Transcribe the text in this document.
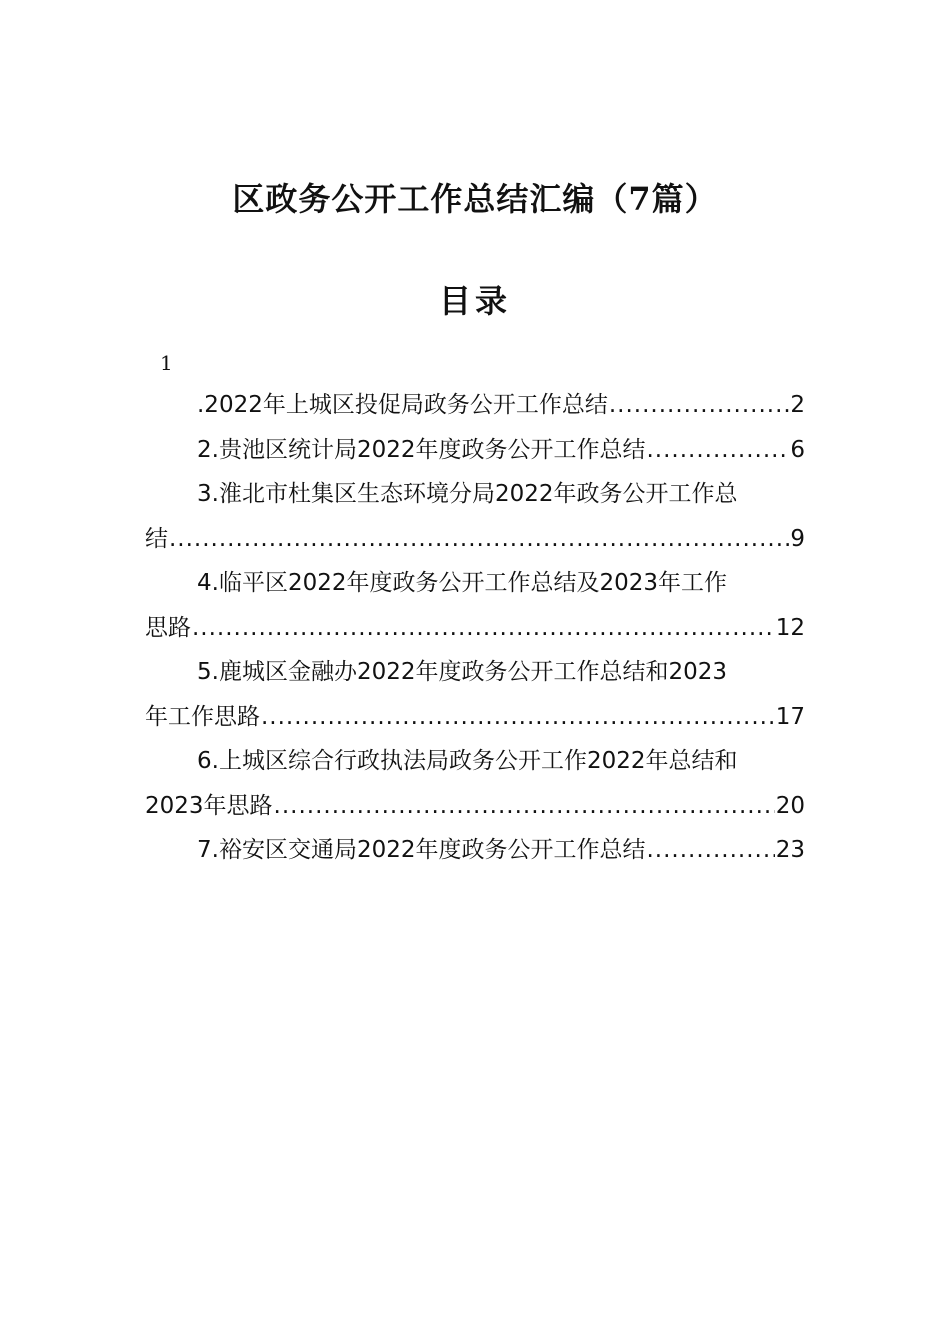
区政务公开工作总结汇编（7篇）
目录
1
.2022年上城区投促局政务公开工作总结 .....	2
2.贵池区统计局2022年度政务公开工作总结 .....	6
3.淮北市杜集区生态环境分局2022年政务公开工作总
结 .....	9
4.临平区2022年度政务公开工作总结及2023年工作
思路 .....	12
5.鹿城区金融办2022年度政务公开工作总结和2023
年工作思路 .....	17
6.上城区综合行政执法局政务公开工作2022年总结和
2023年思路 .....	20
7.裕安区交通局2022年度政务公开工作总结 .....	23
